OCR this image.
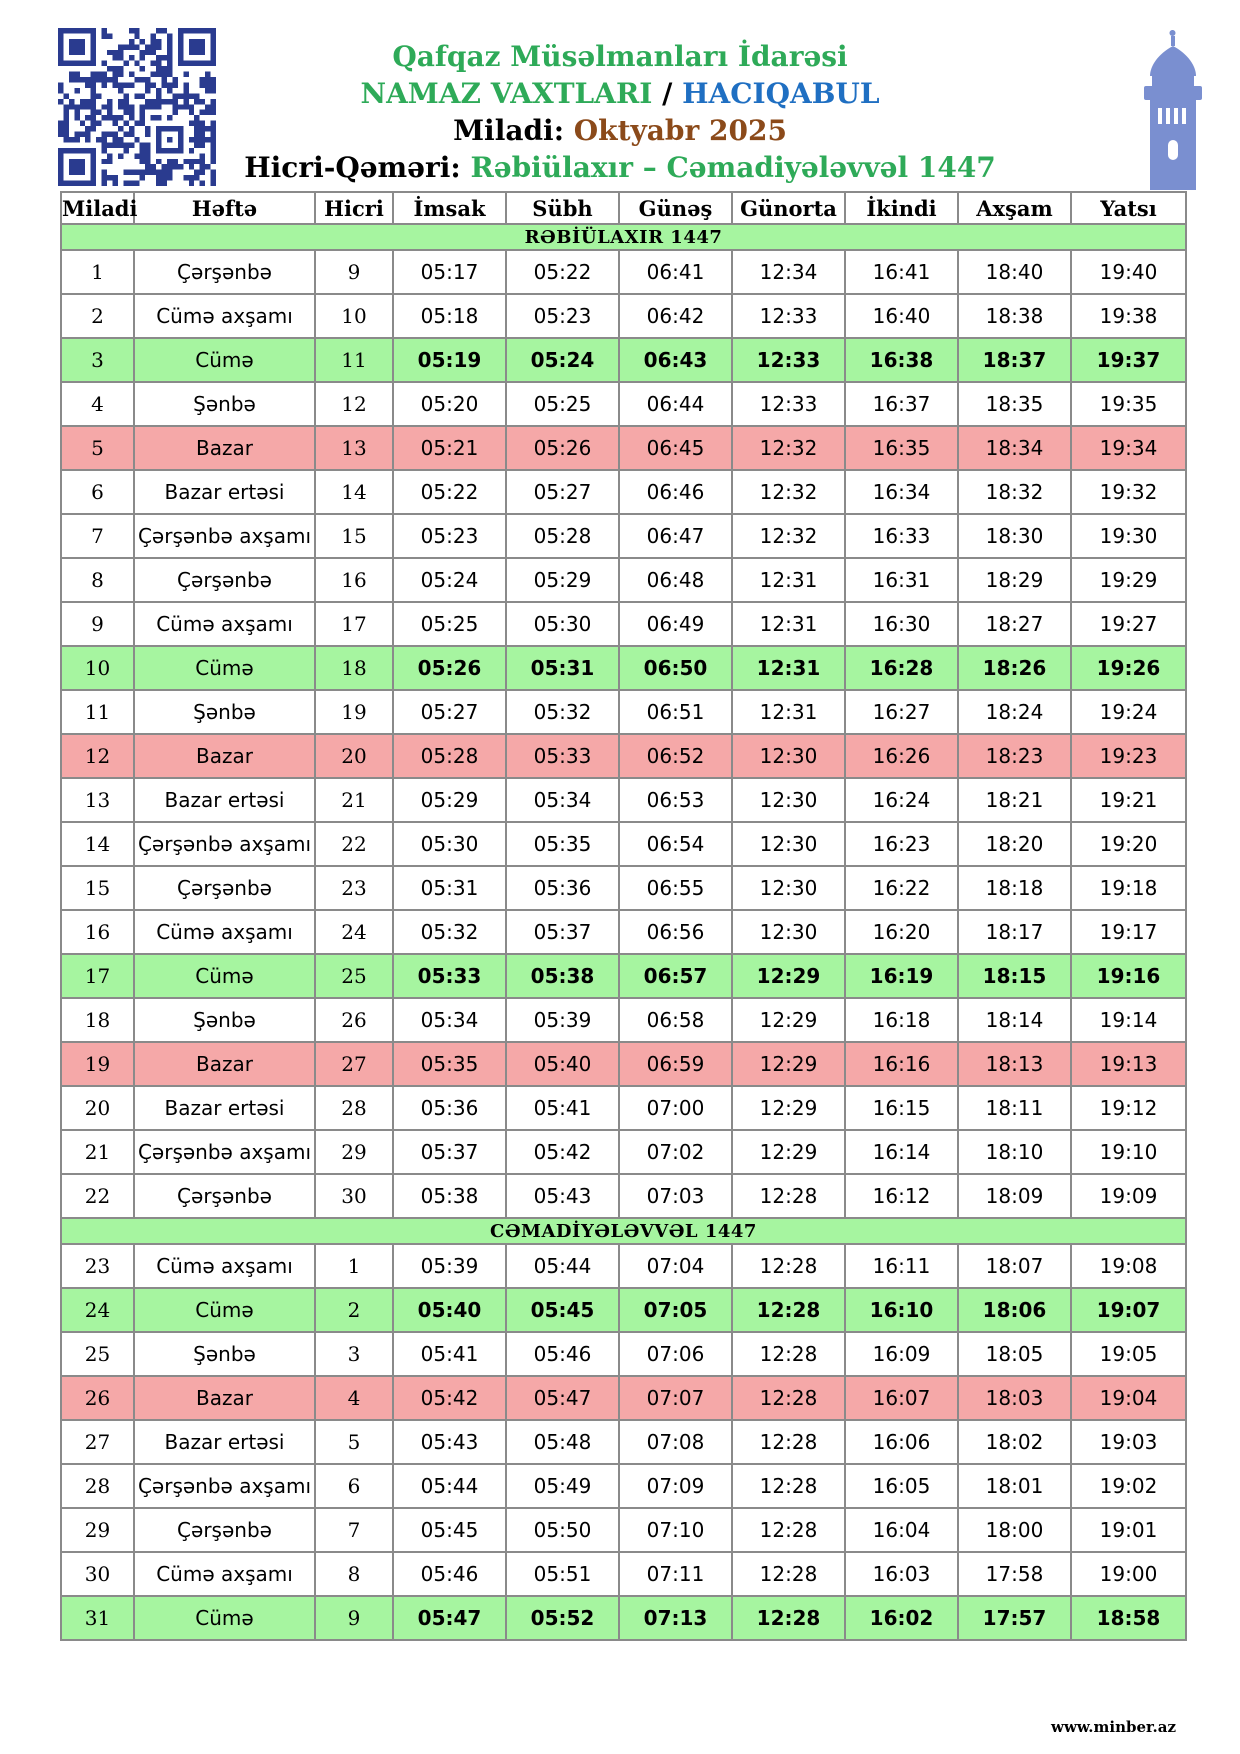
Qafqaz Müsəlmanları İdarəsi
NAMAZ VAXTLARI / HACIQABUL
Miladi: Oktyabr 2025
Hicri-Qəməri: Rəbiülaxır – Cəmadiyələvvəl 1447
Miladi	Həftə	Hicri	İmsak	Sübh	Günəş	Günorta	İkindi	Axşam	Yatsı
RƏBİÜLAXIR 1447									
1	Çərşənbə	9	05:17	05:22	06:41	12:34	16:41	18:40	19:40
2	Cümə axşamı	10	05:18	05:23	06:42	12:33	16:40	18:38	19:38
3	Cümə	11	05:19	05:24	06:43	12:33	16:38	18:37	19:37
4	Şənbə	12	05:20	05:25	06:44	12:33	16:37	18:35	19:35
5	Bazar	13	05:21	05:26	06:45	12:32	16:35	18:34	19:34
6	Bazar ertəsi	14	05:22	05:27	06:46	12:32	16:34	18:32	19:32
7	Çərşənbə axşamı	15	05:23	05:28	06:47	12:32	16:33	18:30	19:30
8	Çərşənbə	16	05:24	05:29	06:48	12:31	16:31	18:29	19:29
9	Cümə axşamı	17	05:25	05:30	06:49	12:31	16:30	18:27	19:27
10	Cümə	18	05:26	05:31	06:50	12:31	16:28	18:26	19:26
11	Şənbə	19	05:27	05:32	06:51	12:31	16:27	18:24	19:24
12	Bazar	20	05:28	05:33	06:52	12:30	16:26	18:23	19:23
13	Bazar ertəsi	21	05:29	05:34	06:53	12:30	16:24	18:21	19:21
14	Çərşənbə axşamı	22	05:30	05:35	06:54	12:30	16:23	18:20	19:20
15	Çərşənbə	23	05:31	05:36	06:55	12:30	16:22	18:18	19:18
16	Cümə axşamı	24	05:32	05:37	06:56	12:30	16:20	18:17	19:17
17	Cümə	25	05:33	05:38	06:57	12:29	16:19	18:15	19:16
18	Şənbə	26	05:34	05:39	06:58	12:29	16:18	18:14	19:14
19	Bazar	27	05:35	05:40	06:59	12:29	16:16	18:13	19:13
20	Bazar ertəsi	28	05:36	05:41	07:00	12:29	16:15	18:11	19:12
21	Çərşənbə axşamı	29	05:37	05:42	07:02	12:29	16:14	18:10	19:10
22	Çərşənbə	30	05:38	05:43	07:03	12:28	16:12	18:09	19:09
CƏMADİYƏLƏVVƏL 1447									
23	Cümə axşamı	1	05:39	05:44	07:04	12:28	16:11	18:07	19:08
24	Cümə	2	05:40	05:45	07:05	12:28	16:10	18:06	19:07
25	Şənbə	3	05:41	05:46	07:06	12:28	16:09	18:05	19:05
26	Bazar	4	05:42	05:47	07:07	12:28	16:07	18:03	19:04
27	Bazar ertəsi	5	05:43	05:48	07:08	12:28	16:06	18:02	19:03
28	Çərşənbə axşamı	6	05:44	05:49	07:09	12:28	16:05	18:01	19:02
29	Çərşənbə	7	05:45	05:50	07:10	12:28	16:04	18:00	19:01
30	Cümə axşamı	8	05:46	05:51	07:11	12:28	16:03	17:58	19:00
31	Cümə	9	05:47	05:52	07:13	12:28	16:02	17:57	18:58
www.minber.az
